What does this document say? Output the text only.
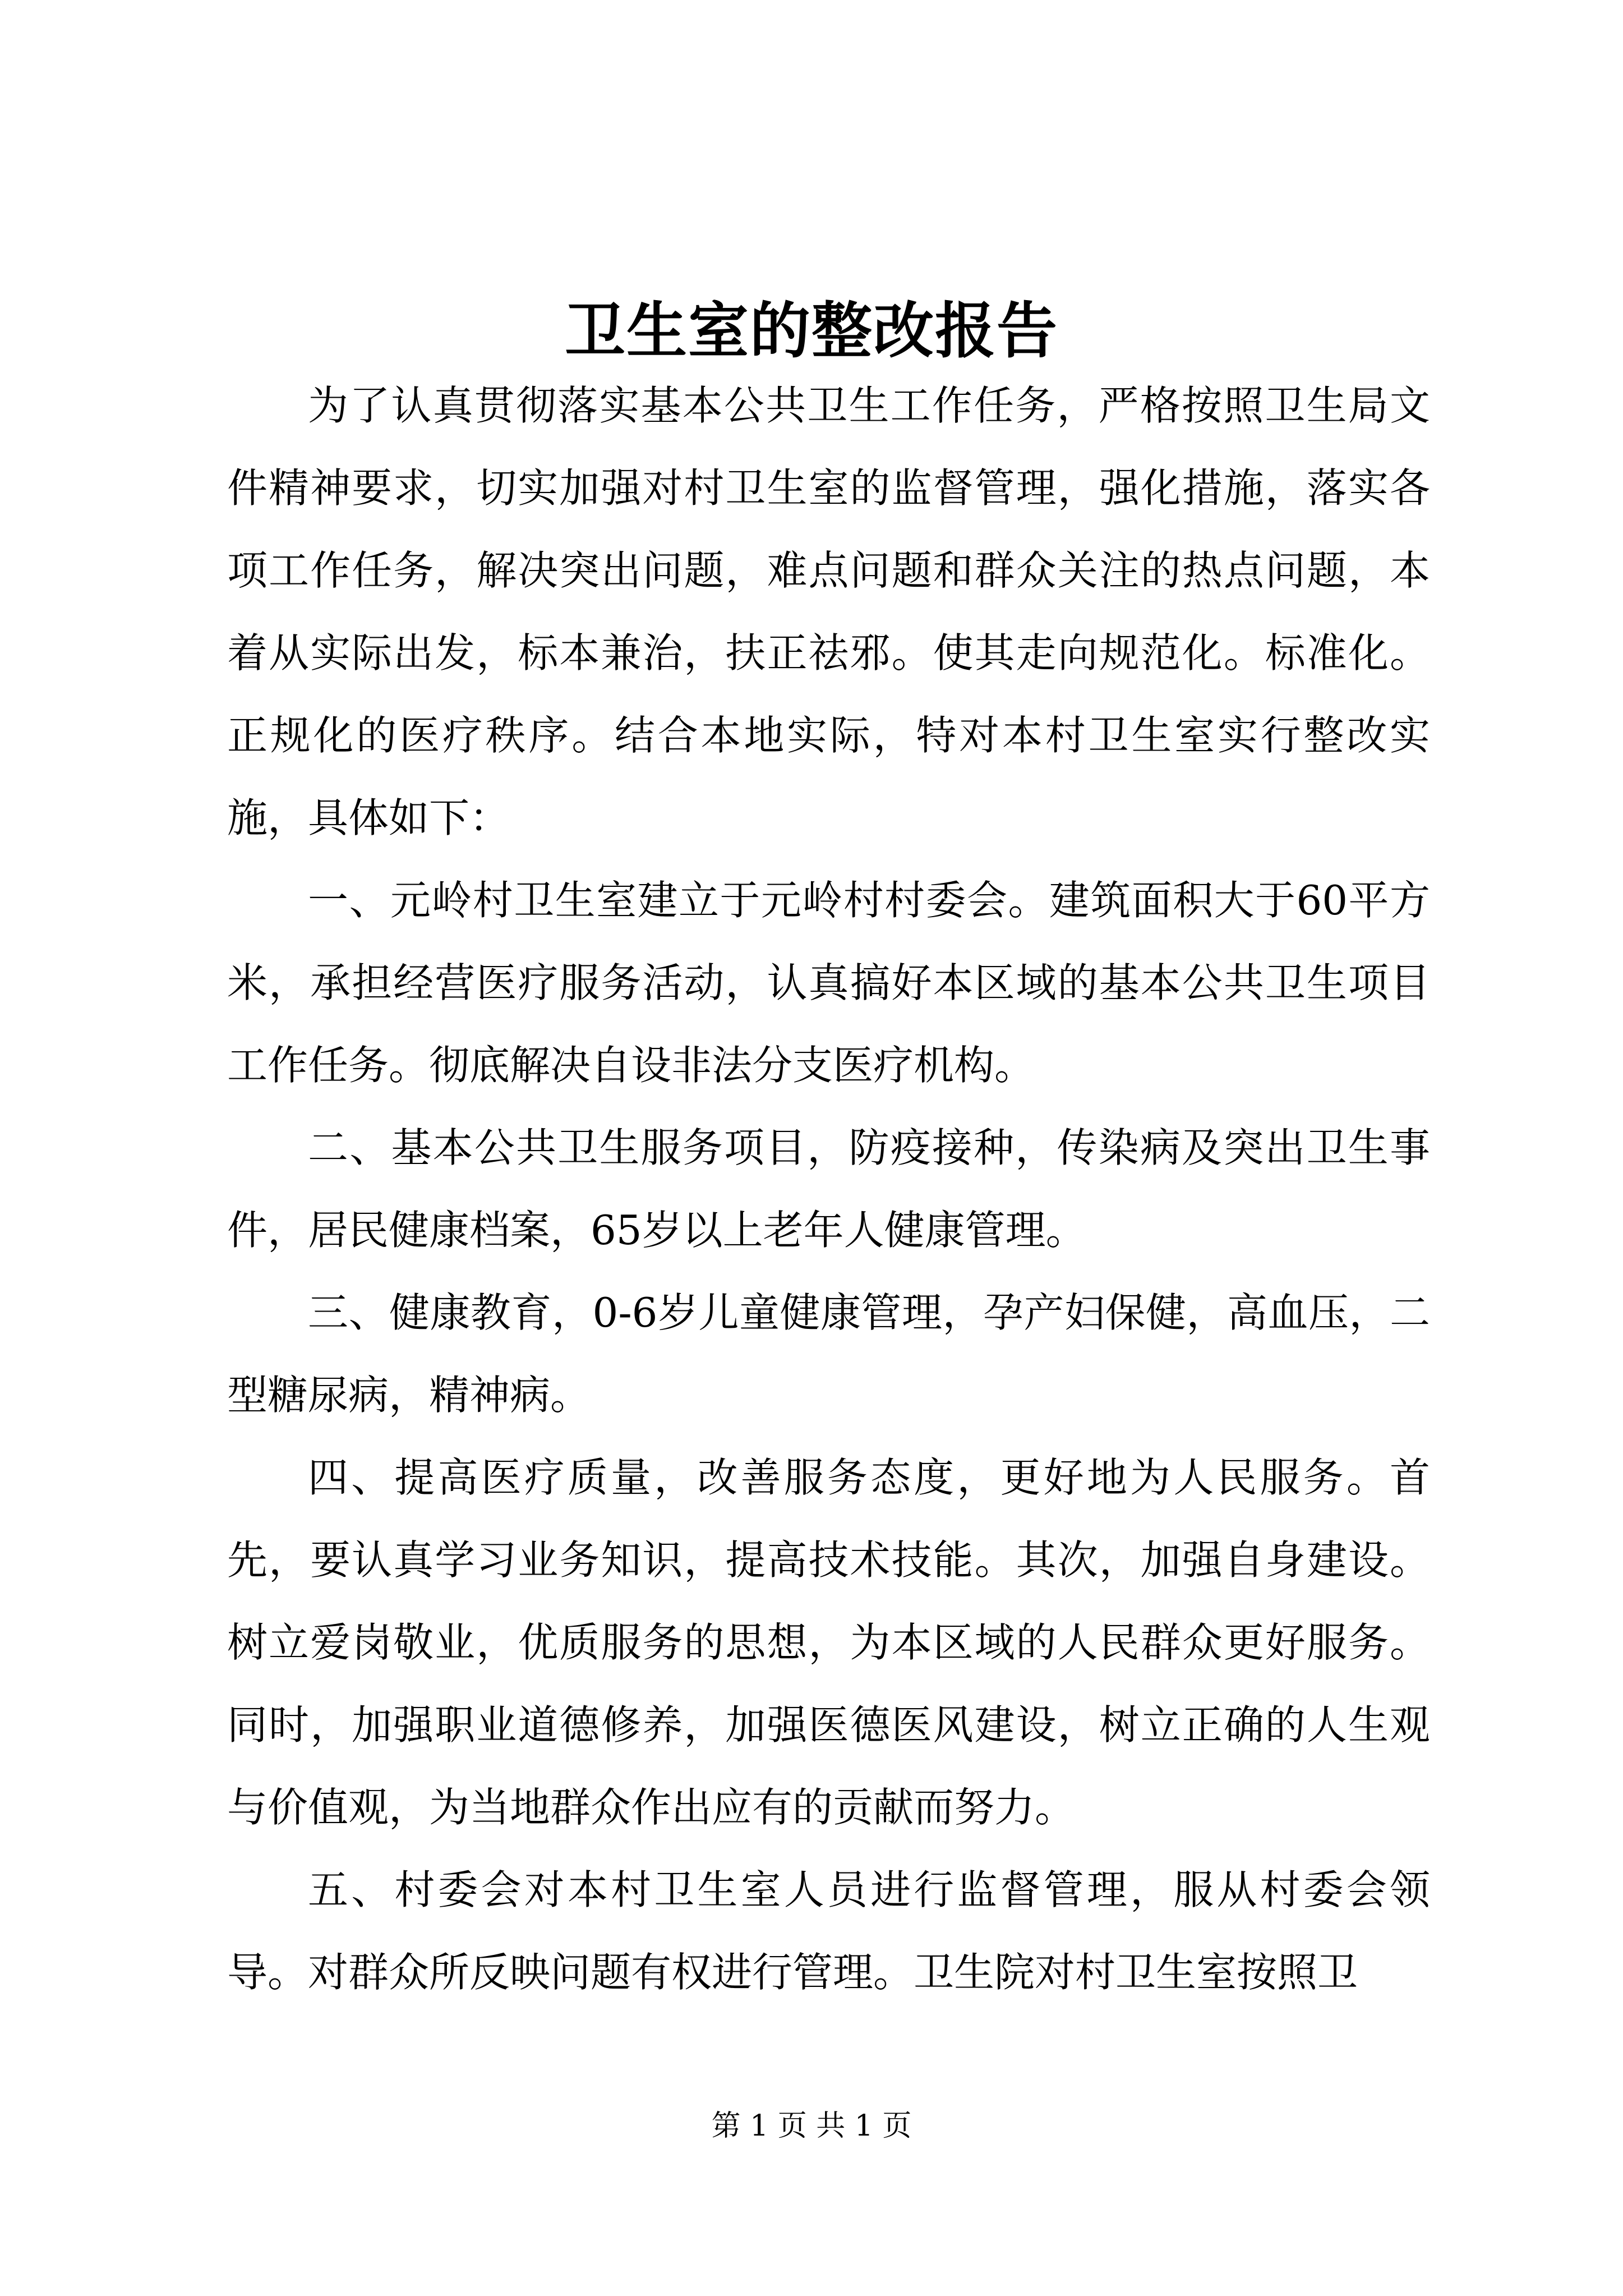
卫生室的整改报告

为了认真贯彻落实基本公共卫生工作任务，严格按照卫生局文件精神要求，切实加强对村卫生室的监督管理，强化措施，落实各项工作任务，解决突出问题，难点问题和群众关注的热点问题，本着从实际出发，标本兼治，扶正祛邪。使其走向规范化。标准化。正规化的医疗秩序。结合本地实际，特对本村卫生室实行整改实施，具体如下：

一、元岭村卫生室建立于元岭村村委会。建筑面积大于60平方米，承担经营医疗服务活动，认真搞好本区域的基本公共卫生项目工作任务。彻底解决自设非法分支医疗机构。

二、基本公共卫生服务项目，防疫接种，传染病及突出卫生事件，居民健康档案，65岁以上老年人健康管理。

三、健康教育，0-6岁儿童健康管理，孕产妇保健，高血压，二型糖尿病，精神病。

四、提高医疗质量，改善服务态度，更好地为人民服务。首先，要认真学习业务知识，提高技术技能。其次，加强自身建设。树立爱岗敬业，优质服务的思想，为本区域的人民群众更好服务。同时，加强职业道德修养，加强医德医风建设，树立正确的人生观与价值观，为当地群众作出应有的贡献而努力。

五、村委会对本村卫生室人员进行监督管理，服从村委会领导。对群众所反映问题有权进行管理。卫生院对村卫生室按照卫

第 1 页 共 1 页
